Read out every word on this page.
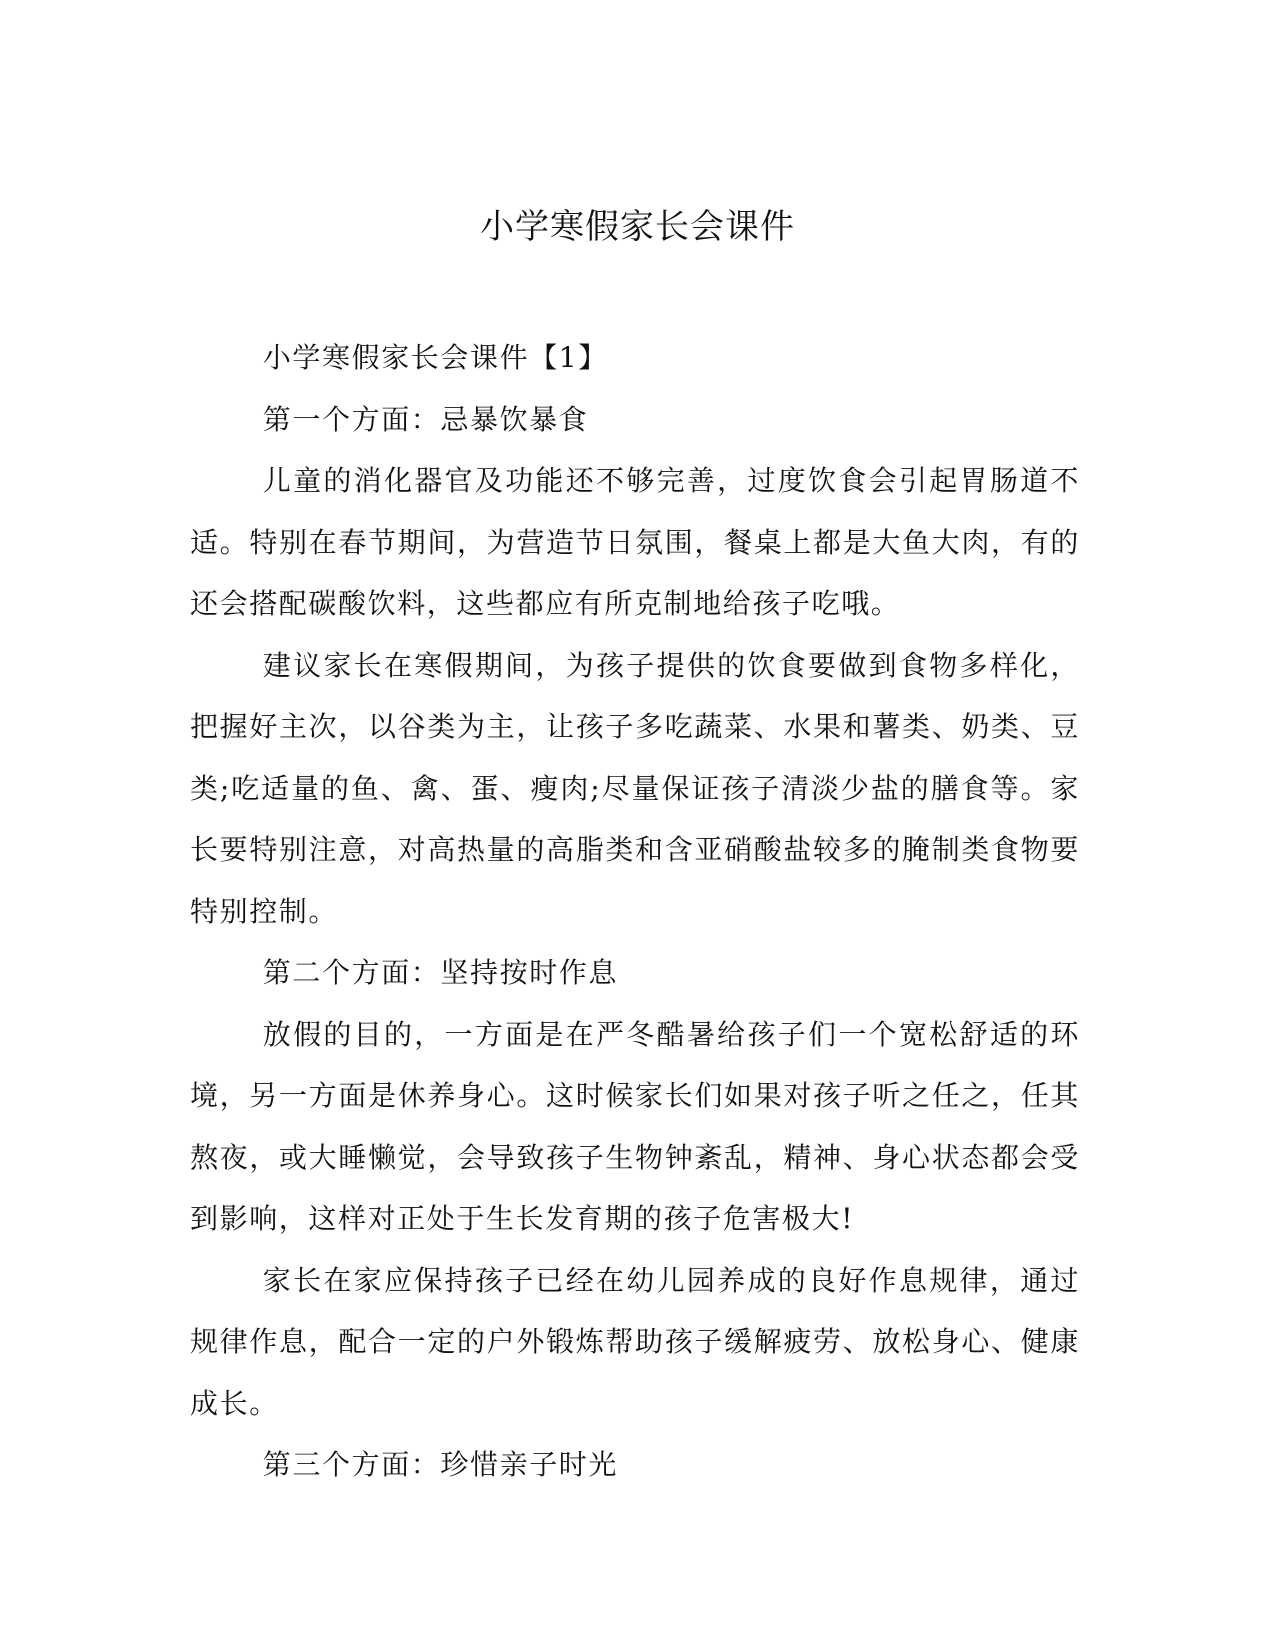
小学寒假家长会课件

小学寒假家长会课件【1】

第一个方面：忌暴饮暴食

儿童的消化器官及功能还不够完善，过度饮食会引起胃肠道不适。特别在春节期间，为营造节日氛围，餐桌上都是大鱼大肉，有的还会搭配碳酸饮料，这些都应有所克制地给孩子吃哦。

建议家长在寒假期间，为孩子提供的饮食要做到食物多样化，把握好主次，以谷类为主，让孩子多吃蔬菜、水果和薯类、奶类、豆类;吃适量的鱼、禽、蛋、瘦肉;尽量保证孩子清淡少盐的膳食等。家长要特别注意，对高热量的高脂类和含亚硝酸盐较多的腌制类食物要特别控制。

第二个方面：坚持按时作息

放假的目的，一方面是在严冬酷暑给孩子们一个宽松舒适的环境，另一方面是休养身心。这时候家长们如果对孩子听之任之，任其熬夜，或大睡懒觉，会导致孩子生物钟紊乱，精神、身心状态都会受到影响，这样对正处于生长发育期的孩子危害极大!

家长在家应保持孩子已经在幼儿园养成的良好作息规律，通过规律作息，配合一定的户外锻炼帮助孩子缓解疲劳、放松身心、健康成长。

第三个方面：珍惜亲子时光
